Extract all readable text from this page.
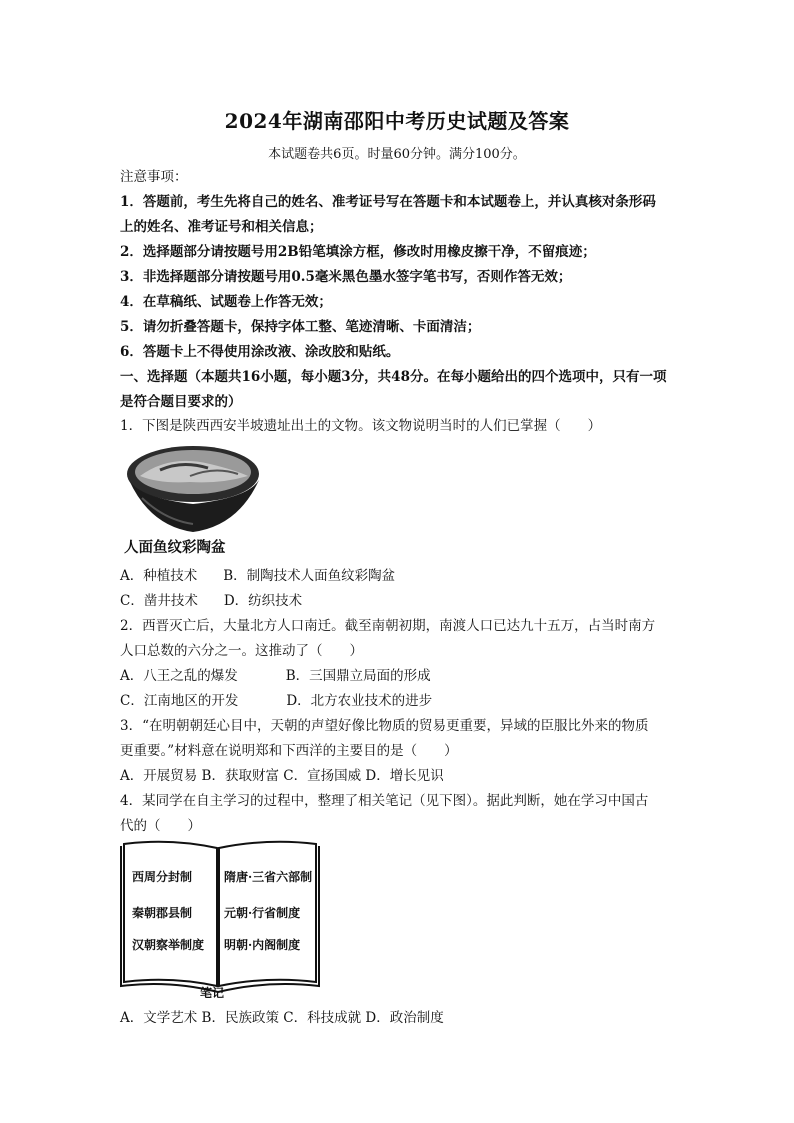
2024年湖南邵阳中考历史试题及答案
本试题卷共6页。时量60分钟。满分100分。
注意事项：
1．答题前，考生先将自己的姓名、准考证号写在答题卡和本试题卷上，并认真核对条形码
上的姓名、准考证号和相关信息；
2．选择题部分请按题号用2B铅笔填涂方框，修改时用橡皮擦干净，不留痕迹；
3．非选择题部分请按题号用0.5毫米黑色墨水签字笔书写，否则作答无效；
4．在草稿纸、试题卷上作答无效；
5．请勿折叠答题卡，保持字体工整、笔迹清晰、卡面清洁；
6．答题卡上不得使用涂改液、涂改胶和贴纸。
一、选择题（本题共16小题，每小题3分，共48分。在每小题给出的四个选项中，只有一项
是符合题目要求的）
1．下图是陕西西安半坡遗址出土的文物。该文物说明当时的人们已掌握（　　）
人面鱼纹彩陶盆
A．种植技术 B．制陶技术人面鱼纹彩陶盆
C．凿井技术 D．纺织技术
2．西晋灭亡后，大量北方人口南迁。截至南朝初期，南渡人口已达九十五万，占当时南方
人口总数的六分之一。这推动了（　　）
A．八王之乱的爆发	B．三国鼎立局面的形成
C．江南地区的开发	D．北方农业技术的进步
3．“在明朝朝廷心目中，天朝的声望好像比物质的贸易更重要，异域的臣服比外来的物质
更重要。”材料意在说明郑和下西洋的主要目的是（　　）
A．开展贸易 B．获取财富 C．宣扬国威 D．增长见识
4．某同学在自主学习的过程中，整理了相关笔记（见下图）。据此判断，她在学习中国古
代的（　　）
西周分封制
秦朝郡县制
汉朝察举制度
隋唐·三省六部制
元朝·行省制度
明朝·内阁制度
笔记
A．文学艺术 B．民族政策 C．科技成就 D．政治制度
